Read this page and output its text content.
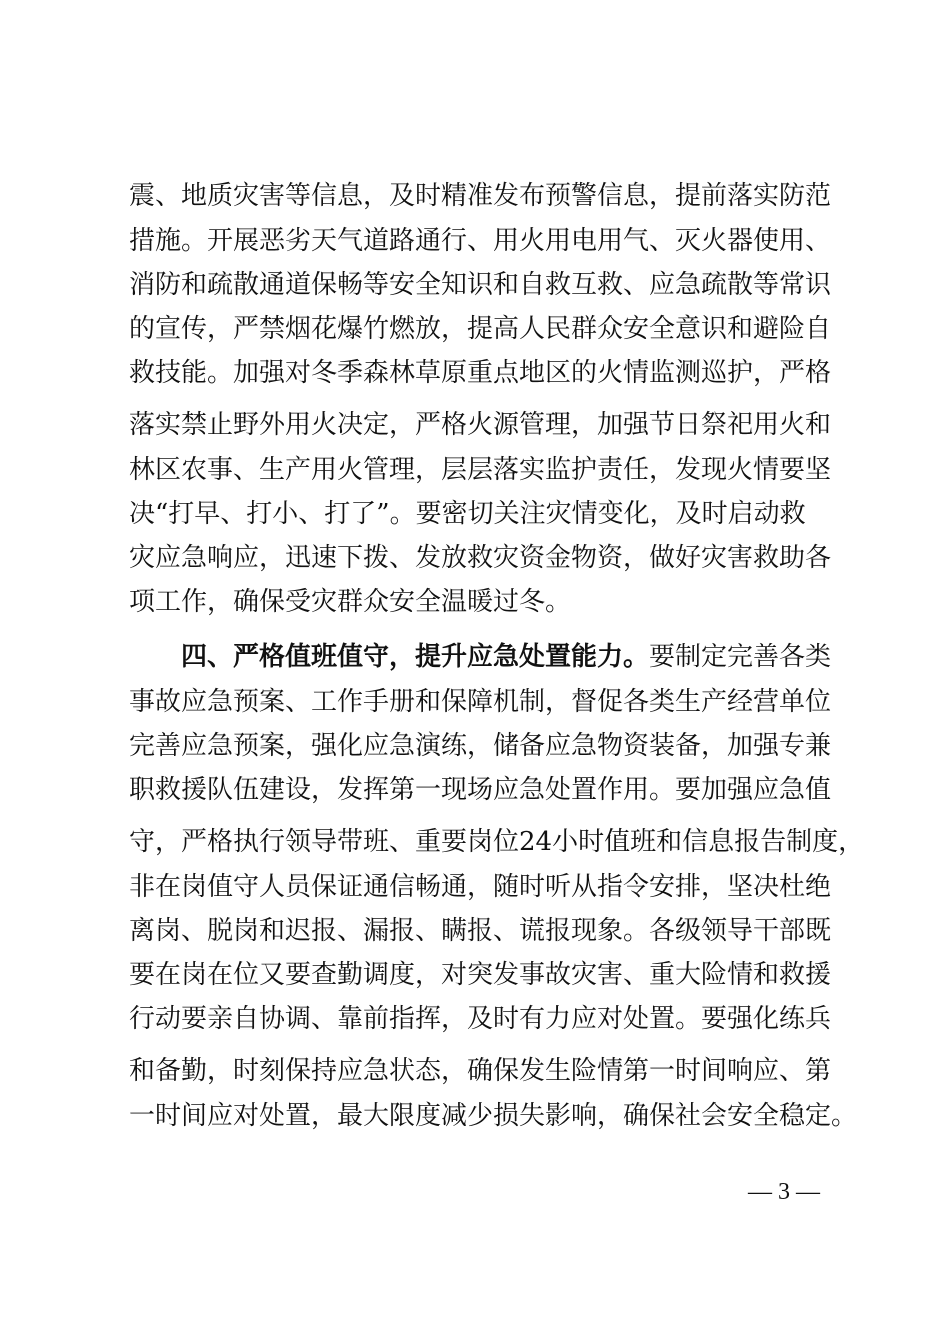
震、地质灾害等信息，及时精准发布预警信息，提前落实防范
措施。开展恶劣天气道路通行、用火用电用气、灭火器使用、
消防和疏散通道保畅等安全知识和自救互救、应急疏散等常识
的宣传，严禁烟花爆竹燃放，提高人民群众安全意识和避险自
救技能。加强对冬季森林草原重点地区的火情监测巡护，严格
落实禁止野外用火决定，严格火源管理，加强节日祭祀用火和
林区农事、生产用火管理，层层落实监护责任，发现火情要坚
决“打早、打小、打了”。要密切关注灾情变化，及时启动救
灾应急响应，迅速下拨、发放救灾资金物资，做好灾害救助各
项工作，确保受灾群众安全温暖过冬。
四、严格值班值守，提升应急处置能力。要制定完善各类
事故应急预案、工作手册和保障机制，督促各类生产经营单位
完善应急预案，强化应急演练，储备应急物资装备，加强专兼
职救援队伍建设，发挥第一现场应急处置作用。要加强应急值
守，严格执行领导带班、重要岗位24小时值班和信息报告制度，
非在岗值守人员保证通信畅通，随时听从指令安排，坚决杜绝
离岗、脱岗和迟报、漏报、瞒报、谎报现象。各级领导干部既
要在岗在位又要查勤调度，对突发事故灾害、重大险情和救援
行动要亲自协调、靠前指挥，及时有力应对处置。要强化练兵
和备勤，时刻保持应急状态，确保发生险情第一时间响应、第
一时间应对处置，最大限度减少损失影响，确保社会安全稳定。
— 3 —
